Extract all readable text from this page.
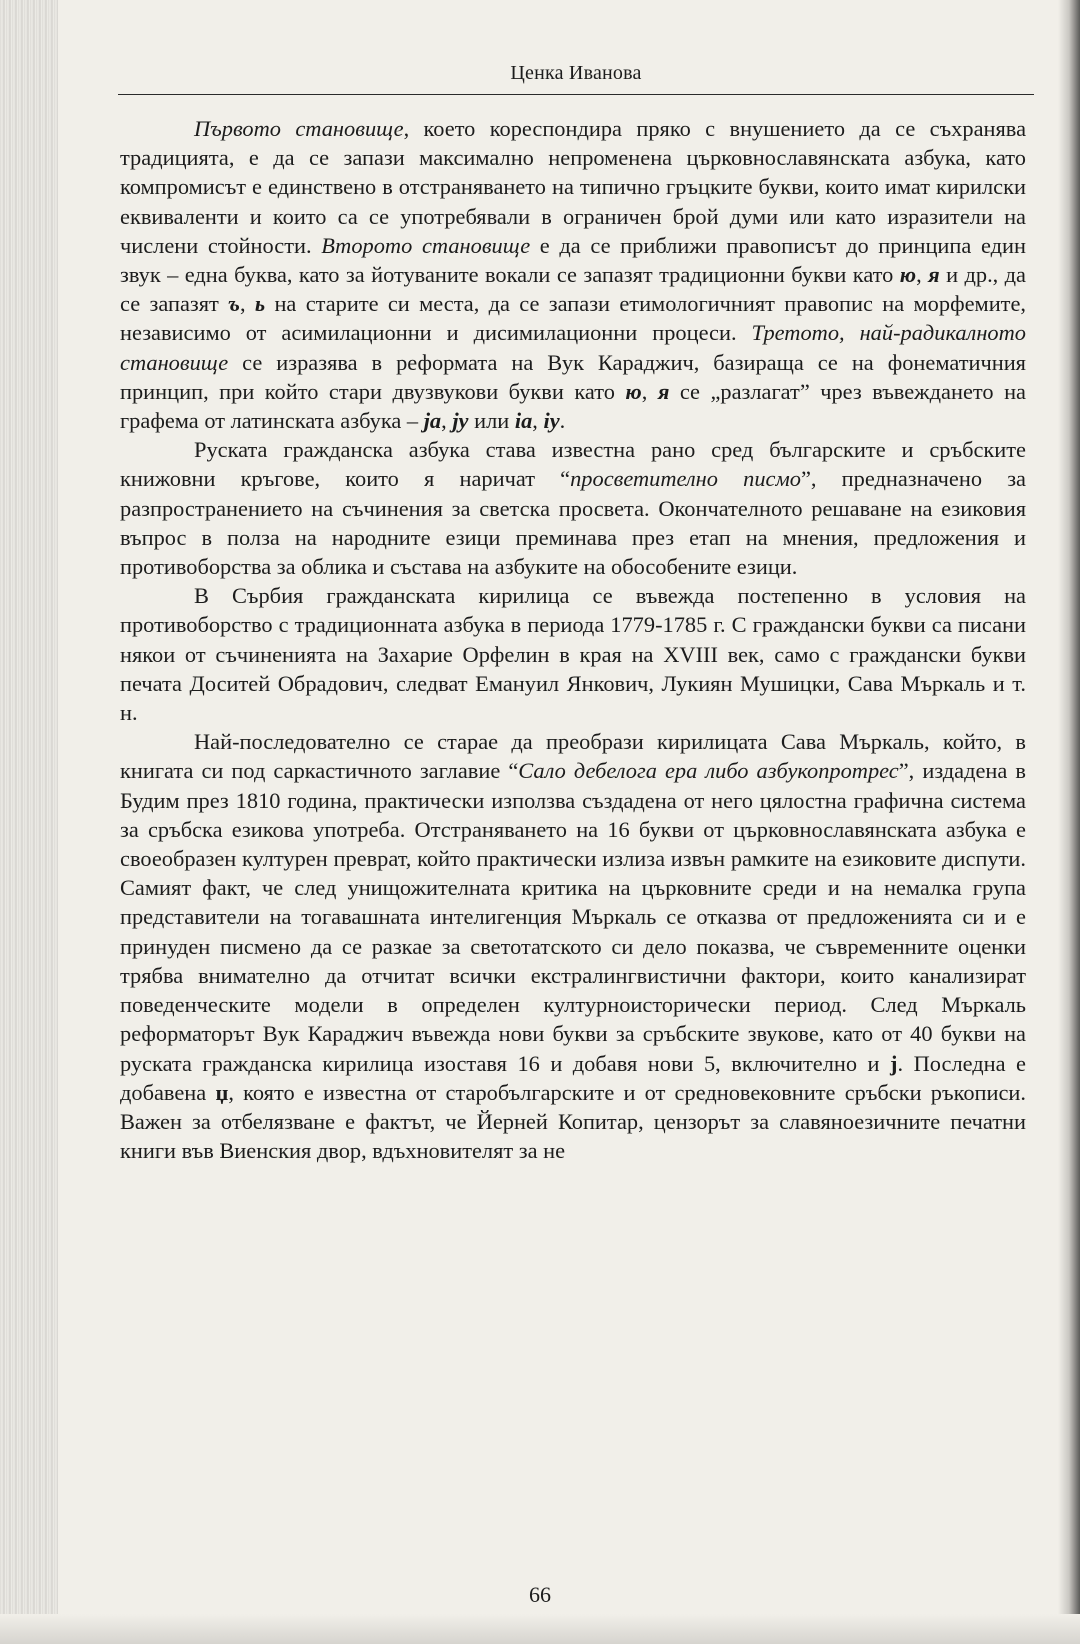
Ценка Иванова

Първото становище, което кореспондира пряко с внушението да се съхранява традицията, е да се запази максимално непроменена църковнославянската азбука, като компромисът е единствено в отстраняването на типично гръцките букви, които имат кирилски еквиваленти и които са се употребявали в ограничен брой думи или като изразители на числени стойности. Второто становище е да се приближи правописът до принципа един звук – една буква, като за йотуваните вокали се запазят традиционни букви като ю, я и др., да се запазят ъ, ь на старите си места, да се запази етимологичният правопис на морфемите, независимо от асимилационни и дисимилационни процеси. Третото, най-радикалното становище се изразява в реформата на Вук Караджич, базираща се на фонематичния принцип, при който стари двузвукови букви като ю, я се „разлагат” чрез въвеждането на графема от латинската азбука – ja, jy или ia, iy.

Руската гражданска азбука става известна рано сред българските и сръбските книжовни кръгове, които я наричат “просветително писмо”, предназначено за разпространението на съчинения за светска просвета. Окончателното решаване на езиковия въпрос в полза на народните езици преминава през етап на мнения, предложения и противоборства за облика и състава на азбуките на обособените езици.

В Сърбия гражданската кирилица се въвежда постепенно в условия на противоборство с традиционната азбука в периода 1779-1785 г. С граждански букви са писани някои от съчиненията на Захарие Орфелин в края на XVIII век, само с граждански букви печата Доситей Обрадович, следват Емануил Янкович, Лукиян Мушицки, Сава Мъркаль и т. н.

Най-последователно се старае да преобрази кирилицата Сава Мъркаль, който, в книгата си под саркастичното заглавие “Сало дебелога ера либо азбукопротрес”, издадена в Будим през 1810 година, практически използва създадена от него цялостна графична система за сръбска езикова употреба. Отстраняването на 16 букви от църковнославянската азбука е своеобразен културен преврат, който практически излиза извън рамките на езиковите диспути. Самият факт, че след унищожителната критика на църковните среди и на немалка група представители на тогавашната интелигенция Мъркаль се отказва от предложенията си и е принуден писмено да се разкае за светотатското си дело показва, че съвременните оценки трябва внимателно да отчитат всички екстралингвистични фактори, които канализират поведенческите модели в определен културноисторически период. След Мъркаль реформаторът Вук Караджич въвежда нови букви за сръбските звукове, като от 40 букви на руската гражданска кирилица изоставя 16 и добавя нови 5, включително и j. Последна е добавена џ, която е известна от старобългарските и от средновековните сръбски ръкописи. Важен за отбелязване е фактът, че Йерней Копитар, цензорът за славяноезичните печатни книги във Виенския двор, вдъхновителят за не

66
